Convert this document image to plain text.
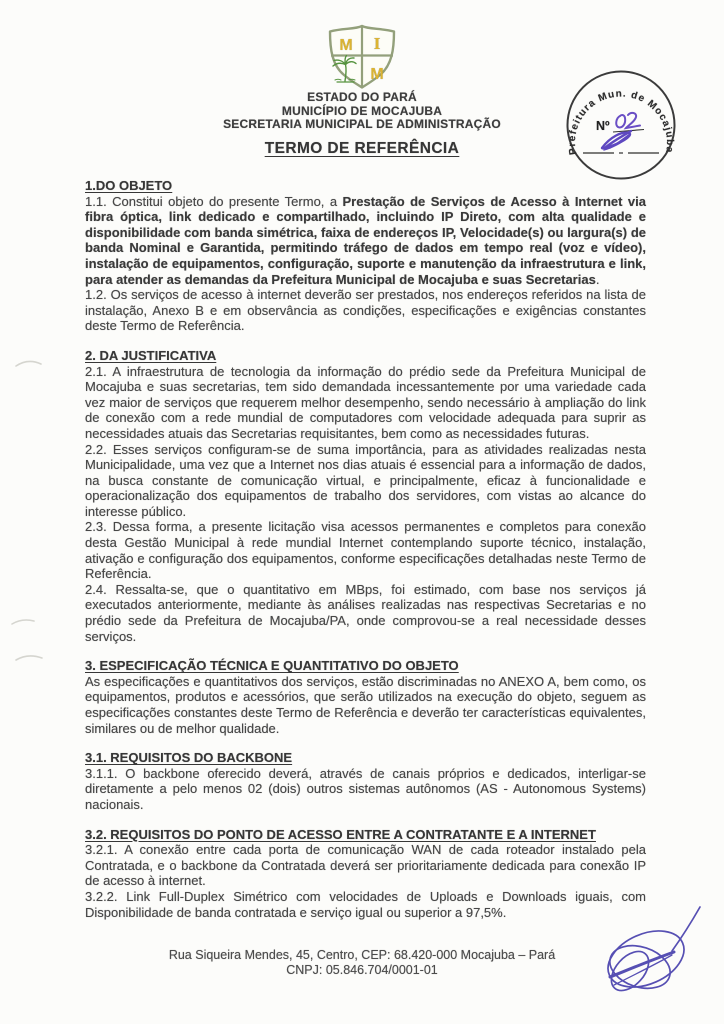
M I
M
ESTADO DO PARÁ
MUNICÍPIO DE MOCAJUBA
SECRETARIA MUNICIPAL DE ADMINISTRAÇÃO
Prefeitura Mun. de Mocajuba
Nº
TERMO DE REFERÊNCIA
1.DO OBJETO

1.1. Constitui objeto do presente Termo, a Prestação de Serviços de Acesso à Internet via fibra óptica, link dedicado e compartilhado, incluindo IP Direto, com alta qualidade e disponibilidade com banda simétrica, faixa de endereços IP, Velocidade(s) ou largura(s) de banda Nominal e Garantida, permitindo tráfego de dados em tempo real (voz e vídeo), instalação de equipamentos, configuração, suporte e manutenção da infraestrutura e link, para atender as demandas da Prefeitura Municipal de Mocajuba e suas Secretarias.

1.2. Os serviços de acesso à internet deverão ser prestados, nos endereços referidos na lista de instalação, Anexo B e em observância as condições, especificações e exigências constantes deste Termo de Referência.

2. DA JUSTIFICATIVA

2.1. A infraestrutura de tecnologia da informação do prédio sede da Prefeitura Municipal de Mocajuba e suas secretarias, tem sido demandada incessantemente por uma variedade cada vez maior de serviços que requerem melhor desempenho, sendo necessário à ampliação do link de conexão com a rede mundial de computadores com velocidade adequada para suprir as necessidades atuais das Secretarias requisitantes, bem como as necessidades futuras.

2.2. Esses serviços configuram-se de suma importância, para as atividades realizadas nesta Municipalidade, uma vez que a Internet nos dias atuais é essencial para a informação de dados, na busca constante de comunicação virtual, e principalmente, eficaz à funcionalidade e operacionalização dos equipamentos de trabalho dos servidores, com vistas ao alcance do interesse público.

2.3. Dessa forma, a presente licitação visa acessos permanentes e completos para conexão desta Gestão Municipal à rede mundial Internet contemplando suporte técnico, instalação, ativação e configuração dos equipamentos, conforme especificações detalhadas neste Termo de Referência.

2.4. Ressalta-se, que o quantitativo em MBps, foi estimado, com base nos serviços já executados anteriormente, mediante às análises realizadas nas respectivas Secretarias e no prédio sede da Prefeitura de Mocajuba/PA, onde comprovou-se a real necessidade desses serviços.

3. ESPECIFICAÇÃO TÉCNICA E QUANTITATIVO DO OBJETO

As especificações e quantitativos dos serviços, estão discriminadas no ANEXO A, bem como, os equipamentos, produtos e acessórios, que serão utilizados na execução do objeto, seguem as especificações constantes deste Termo de Referência e deverão ter características equivalentes, similares ou de melhor qualidade.

3.1. REQUISITOS DO BACKBONE

3.1.1. O backbone oferecido deverá, através de canais próprios e dedicados, interligar-se diretamente a pelo menos 02 (dois) outros sistemas autônomos (AS - Autonomous Systems) nacionais.

3.2. REQUISITOS DO PONTO DE ACESSO ENTRE A CONTRATANTE E A INTERNET

3.2.1. A conexão entre cada porta de comunicação WAN de cada roteador instalado pela Contratada, e o backbone da Contratada deverá ser prioritariamente dedicada para conexão IP de acesso à internet.

3.2.2. Link Full-Duplex Simétrico com velocidades de Uploads e Downloads iguais, com Disponibilidade de banda contratada e serviço igual ou superior a 97,5%.

Rua Siqueira Mendes, 45, Centro, CEP: 68.420-000 Mocajuba – Pará
CNPJ: 05.846.704/0001-01
